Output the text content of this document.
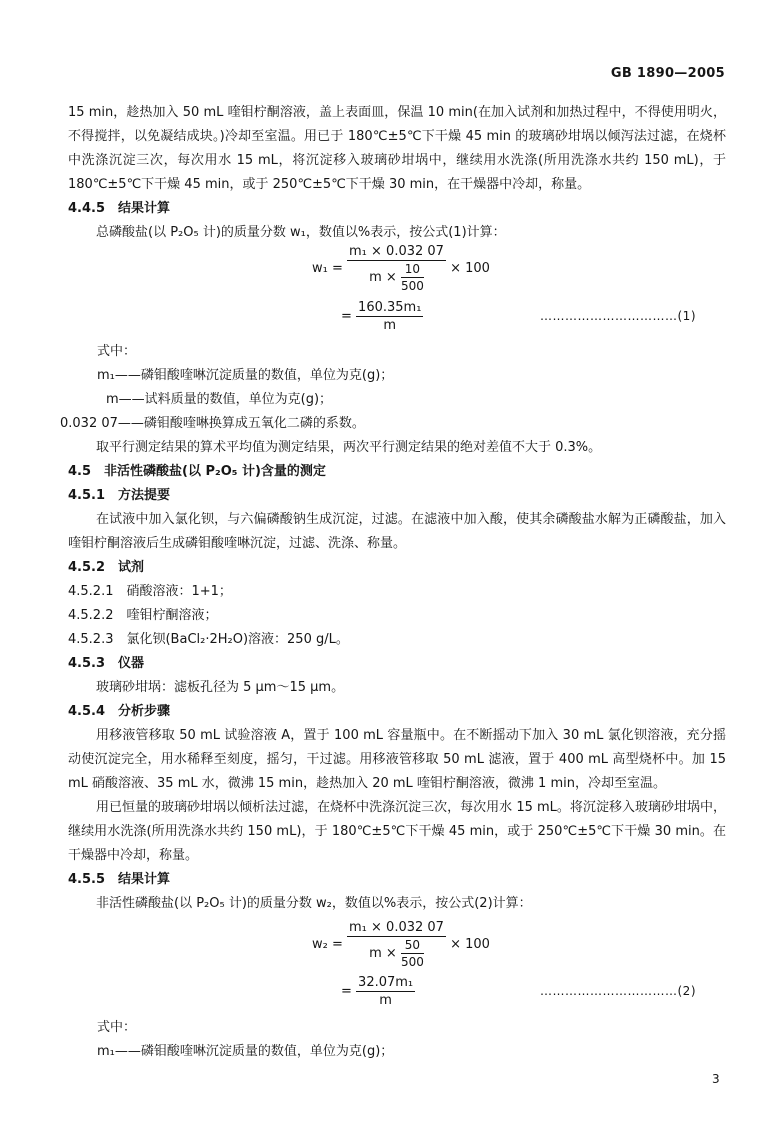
GB 1890—2005

15 min，趁热加入 50 mL 喹钼柠酮溶液，盖上表面皿，保温 10 min(在加入试剂和加热过程中，不得使用明火，不得搅拌，以免凝结成块。)冷却至室温。用已于 180℃±5℃下干燥 45 min 的玻璃砂坩埚以倾泻法过滤，在烧杯中洗涤沉淀三次，每次用水 15 mL，将沉淀移入玻璃砂坩埚中，继续用水洗涤(所用洗涤水共约 150 mL)，于 180℃±5℃下干燥 45 min，或于 250℃±5℃下干燥 30 min，在干燥器中冷却，称量。

4.4.5　结果计算

总磷酸盐(以 P₂O₅ 计)的质量分数 w₁，数值以%表示，按公式(1)计算：

$w_1 = \frac{\text{m₁ × 0.032 07}}{m \times \frac{10}{500}} \times 100$
= $\frac{\text{160.35m₁}}{m}$	……………………………(1)
式中：
m₁——磷钼酸喹啉沉淀质量的数值，单位为克(g)；
m——试料质量的数值，单位为克(g)；
0.032 07——磷钼酸喹啉换算成五氧化二磷的系数。

取平行测定结果的算术平均值为测定结果，两次平行测定结果的绝对差值不大于 0.3%。

4.5　非活性磷酸盐(以 P₂O₅ 计)含量的测定

4.5.1　方法提要

在试液中加入氯化钡，与六偏磷酸钠生成沉淀，过滤。在滤液中加入酸，使其余磷酸盐水解为正磷酸盐，加入喹钼柠酮溶液后生成磷钼酸喹啉沉淀，过滤、洗涤、称量。

4.5.2　试剂

4.5.2.1　硝酸溶液：1+1；

4.5.2.2　喹钼柠酮溶液；

4.5.2.3　氯化钡(BaCl₂·2H₂O)溶液：250 g/L。

4.5.3　仪器

玻璃砂坩埚：滤板孔径为 5 μm～15 μm。

4.5.4　分析步骤

用移液管移取 50 mL 试验溶液 A，置于 100 mL 容量瓶中。在不断摇动下加入 30 mL 氯化钡溶液，充分摇动使沉淀完全，用水稀释至刻度，摇匀，干过滤。用移液管移取 50 mL 滤液，置于 400 mL 高型烧杯中。加 15 mL 硝酸溶液、35 mL 水，微沸 15 min，趁热加入 20 mL 喹钼柠酮溶液，微沸 1 min，冷却至室温。

用已恒量的玻璃砂坩埚以倾析法过滤，在烧杯中洗涤沉淀三次，每次用水 15 mL。将沉淀移入玻璃砂坩埚中，继续用水洗涤(所用洗涤水共约 150 mL)，于 180℃±5℃下干燥 45 min，或于 250℃±5℃下干燥 30 min。在干燥器中冷却，称量。

4.5.5　结果计算

非活性磷酸盐(以 P₂O₅ 计)的质量分数 w₂，数值以%表示，按公式(2)计算：

$w_2 = \frac{\text{m₁ × 0.032 07}}{m \times \frac{50}{500}} \times 100$
= $\frac{\text{32.07m₁}}{m}$	……………………………(2)
式中：
m₁——磷钼酸喹啉沉淀质量的数值，单位为克(g)；
3
